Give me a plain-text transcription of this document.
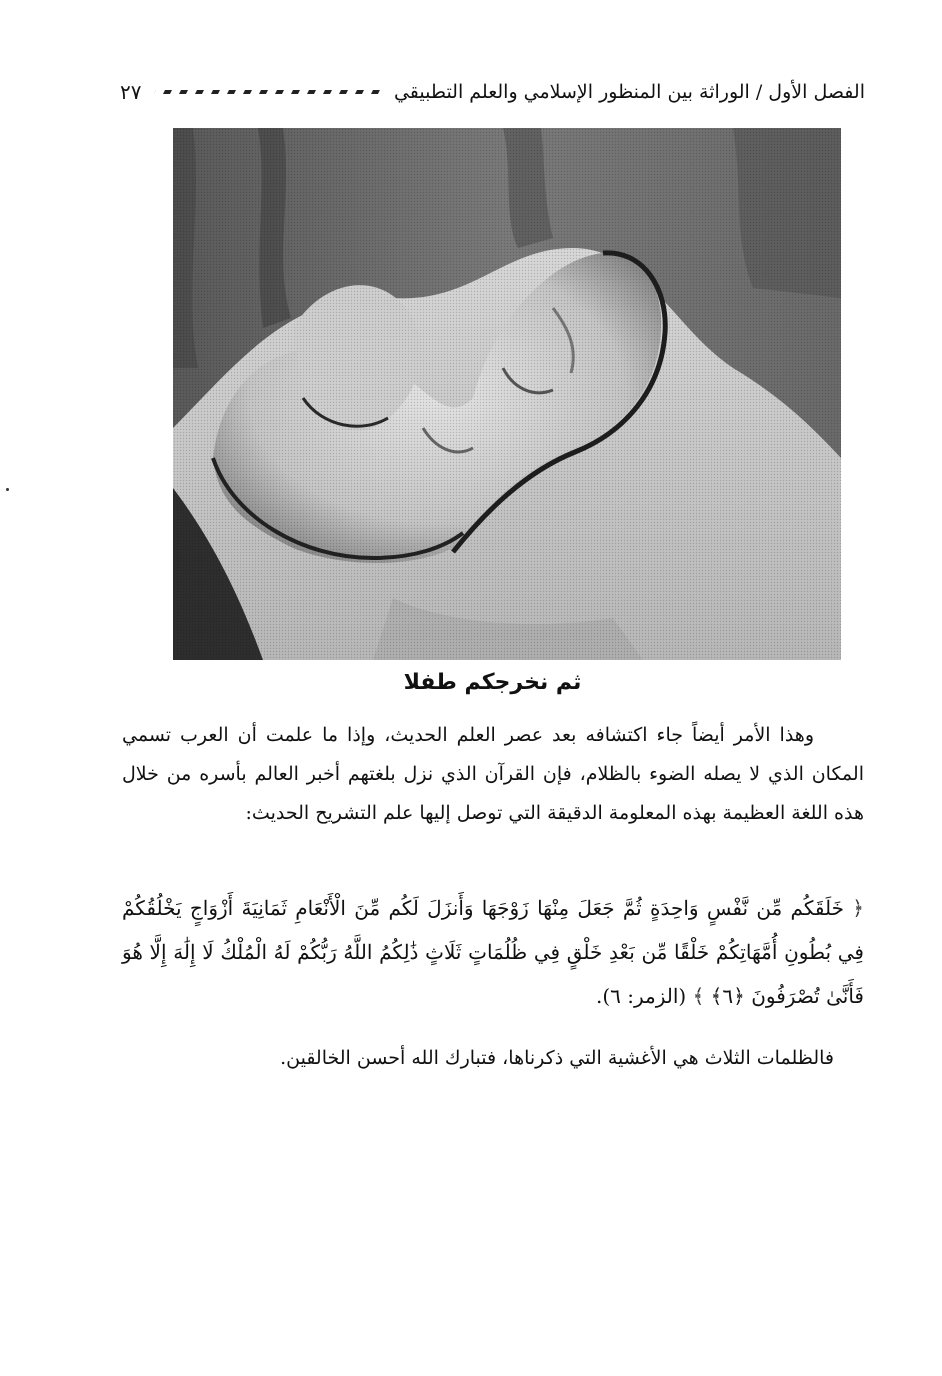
الفصل الأول / الوراثة بين المنظور الإسلامي والعلم التطبيقي
٢٧
ثم نخرجكم طفلا

وهذا الأمر أيضاً جاء اكتشافه بعد عصر العلم الحديث، وإذا ما علمت أن العرب تسمي المكان الذي لا يصله الضوء بالظلام، فإن القرآن الذي نزل بلغتهم أخبر العالم بأسره من خلال هذه اللغة العظيمة بهذه المعلومة الدقيقة التي توصل إليها علم التشريح الحديث:

﴿ خَلَقَكُم مِّن نَّفْسٍ وَاحِدَةٍ ثُمَّ جَعَلَ مِنْهَا زَوْجَهَا وَأَنزَلَ لَكُم مِّنَ الْأَنْعَامِ ثَمَانِيَةَ أَزْوَاجٍ يَخْلُقُكُمْ فِي بُطُونِ أُمَّهَاتِكُمْ خَلْقًا مِّن بَعْدِ خَلْقٍ فِي ظُلُمَاتٍ ثَلَاثٍ ذَٰلِكُمُ اللَّهُ رَبُّكُمْ لَهُ الْمُلْكُ لَا إِلَٰهَ إِلَّا هُوَ فَأَنَّىٰ تُصْرَفُونَ ﴿٦﴾ ﴾ (الزمر: ٦).
فالظلمات الثلاث هي الأغشية التي ذكرناها، فتبارك الله أحسن الخالقين.
